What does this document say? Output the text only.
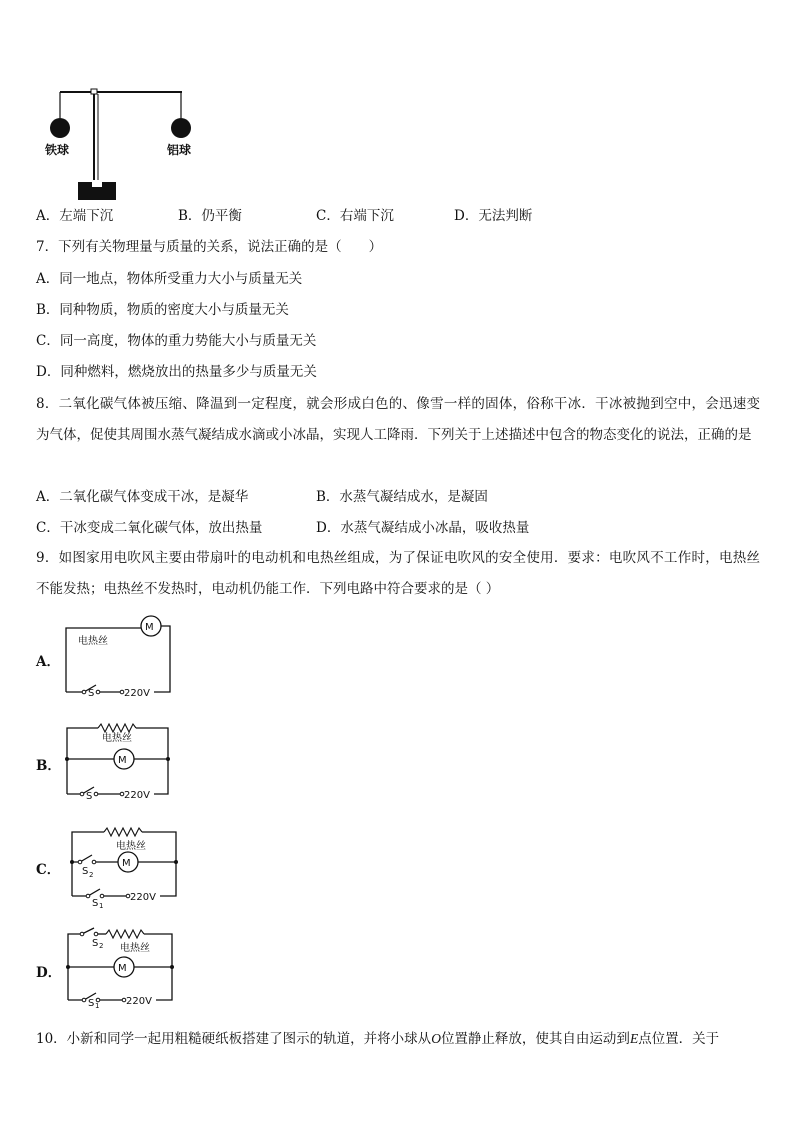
铁球	铝球
A．左端下沉	B．仍平衡	C．右端下沉	D．无法判断
7．下列有关物理量与质量的关系，说法正确的是（　　）
A．同一地点，物体所受重力大小与质量无关
B．同种物质，物质的密度大小与质量无关
C．同一高度，物体的重力势能大小与质量无关
D．同种燃料，燃烧放出的热量多少与质量无关
8．二氧化碳气体被压缩、降温到一定程度，就会形成白色的、像雪一样的固体，俗称干冰．干冰被抛到空中，会迅速变为气体，促使其周围水蒸气凝结成水滴或小冰晶，实现人工降雨．下列关于上述描述中包含的物态变化的说法，正确的是
A．二氧化碳气体变成干冰，是凝华	B．水蒸气凝结成水，是凝固
C．干冰变成二氧化碳气体，放出热量	D．水蒸气凝结成小冰晶，吸收热量
9．如图家用电吹风主要由带扇叶的电动机和电热丝组成，为了保证电吹风的安全使用．要求：电吹风不工作时，电热丝不能发热；电热丝不发热时，电动机仍能工作．下列电路中符合要求的是（ ）
A．
M
S	220V
电热丝
B．
电热丝
M
S	220V
C．
电热丝
M
S 2
S 1
220V
D．
S 2 电热丝
M
S 1	220V
10．小新和同学一起用粗糙硬纸板搭建了图示的轨道，并将小球从O位置静止释放，使其自由运动到E点位置．关于
